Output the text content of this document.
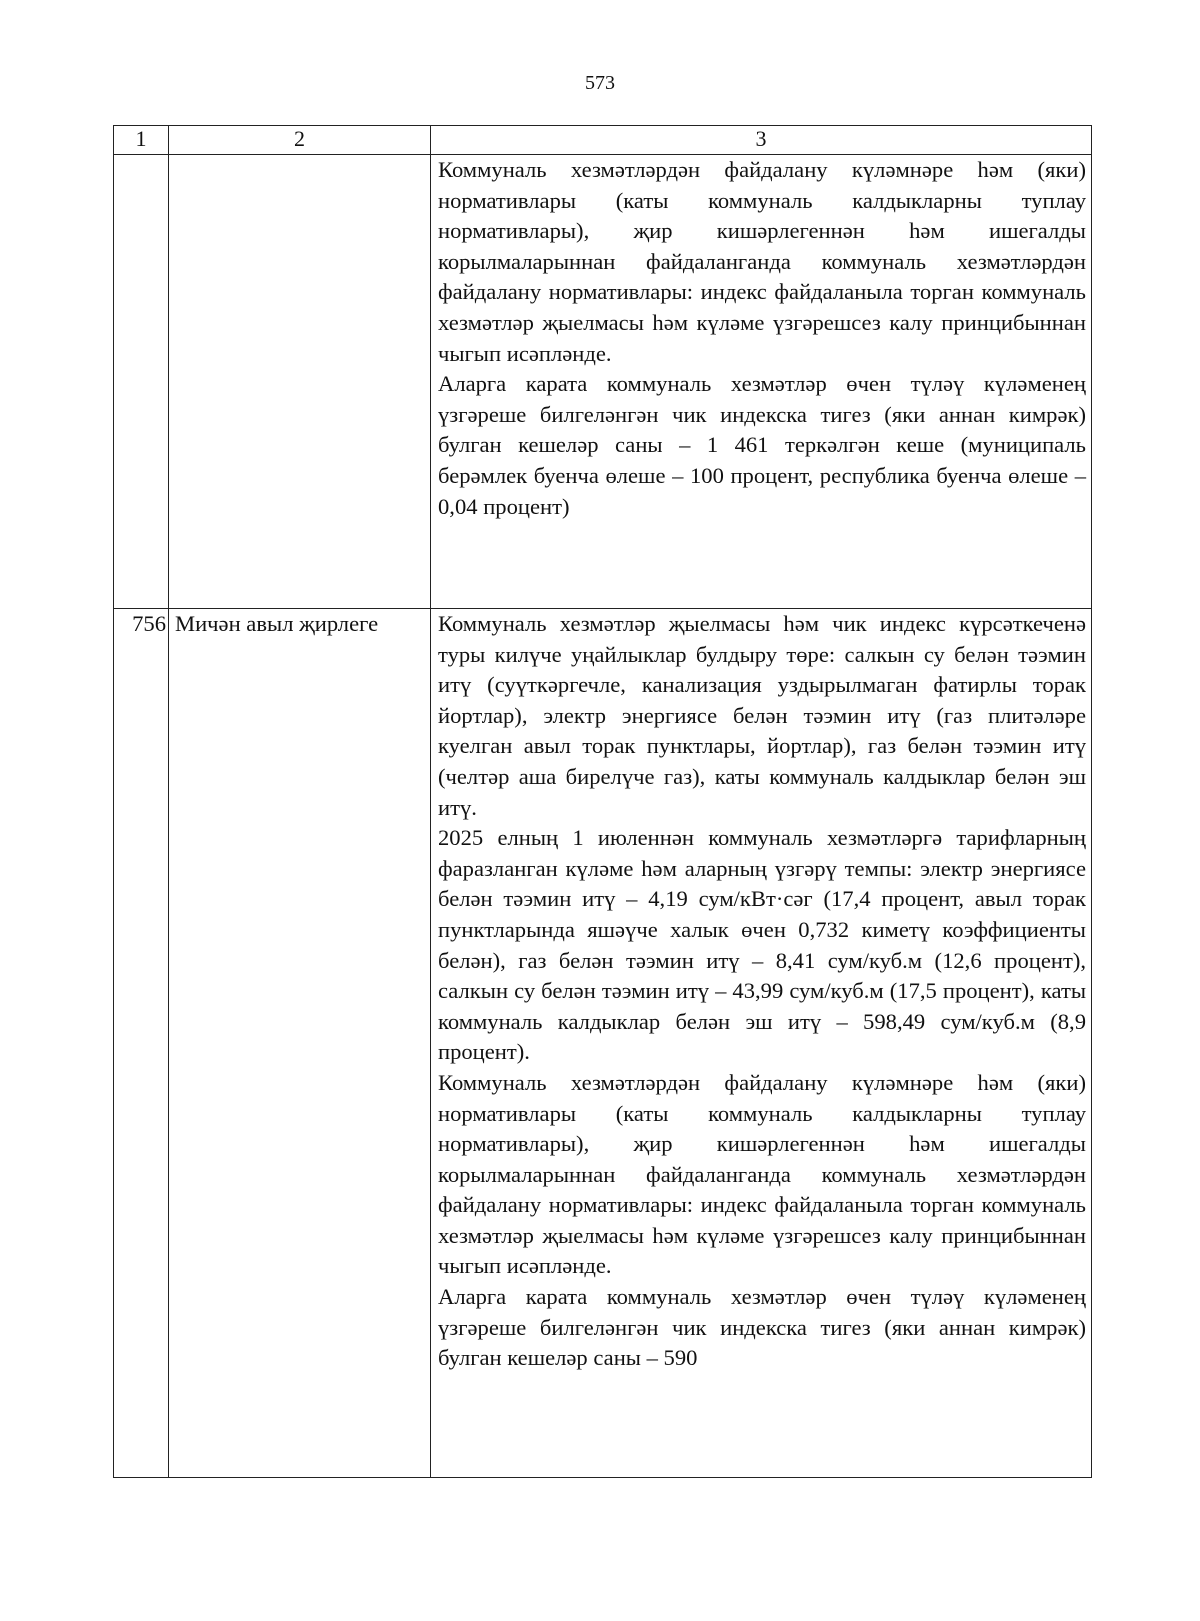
573
1	2	3

		Коммуналь хезмәтләрдән файдалану күләмнәре һәм (яки) нормативлары (каты коммуналь калдыкларны туплау нормативлары), җир кишәрлегеннән һәм ишегалды корылмаларыннан файдаланганда коммуналь хезмәтләрдән файдалану нормативлары: индекс файдаланыла торган коммуналь хезмәтләр җыелмасы һәм күләме үзгәрешсез калу принцибыннан чыгып исәпләнде.

Аларга карата коммуналь хезмәтләр өчен түләү күләменең үзгәреше билгеләнгән чик индекска тигез (яки аннан кимрәк) булган кешеләр саны – 1 461 теркәлгән кеше (муниципаль берәмлек буенча өлеше – 100 процент, республика буенча өлеше – 0,04 процент)

756	Мичән авыл җирлеге	Коммуналь хезмәтләр җыелмасы һәм чик индекс күрсәткеченә туры килүче уңайлыклар булдыру төре: салкын су белән тәэмин итү (суүткәргечле, канализация уздырылмаган фатирлы торак йортлар), электр энергиясе белән тәэмин итү (газ плитәләре куелган авыл торак пунктлары, йортлар), газ белән тәэмин итү (челтәр аша бирелүче газ), каты коммуналь калдыклар белән эш итү.

2025 елның 1 июленнән коммуналь хезмәтләргә тарифларның фаразланган күләме һәм аларның үзгәрү темпы: электр энергиясе белән тәэмин итү – 4,19 сум/кВт·сәг (17,4 процент, авыл торак пунктларында яшәүче халык өчен 0,732 киметү коэффициенты белән), газ белән тәэмин итү – 8,41 сум/куб.м (12,6 процент), салкын су белән тәэмин итү – 43,99 сум/куб.м (17,5 процент), каты коммуналь калдыклар белән эш итү – 598,49 сум/куб.м (8,9 процент).

Коммуналь хезмәтләрдән файдалану күләмнәре һәм (яки) нормативлары (каты коммуналь калдыкларны туплау нормативлары), җир кишәрлегеннән һәм ишегалды корылмаларыннан файдаланганда коммуналь хезмәтләрдән файдалану нормативлары: индекс файдаланыла торган коммуналь хезмәтләр җыелмасы һәм күләме үзгәрешсез калу принцибыннан чыгып исәпләнде.

Аларга карата коммуналь хезмәтләр өчен түләү күләменең үзгәреше билгеләнгән чик индекска тигез (яки аннан кимрәк) булган кешеләр саны – 590
